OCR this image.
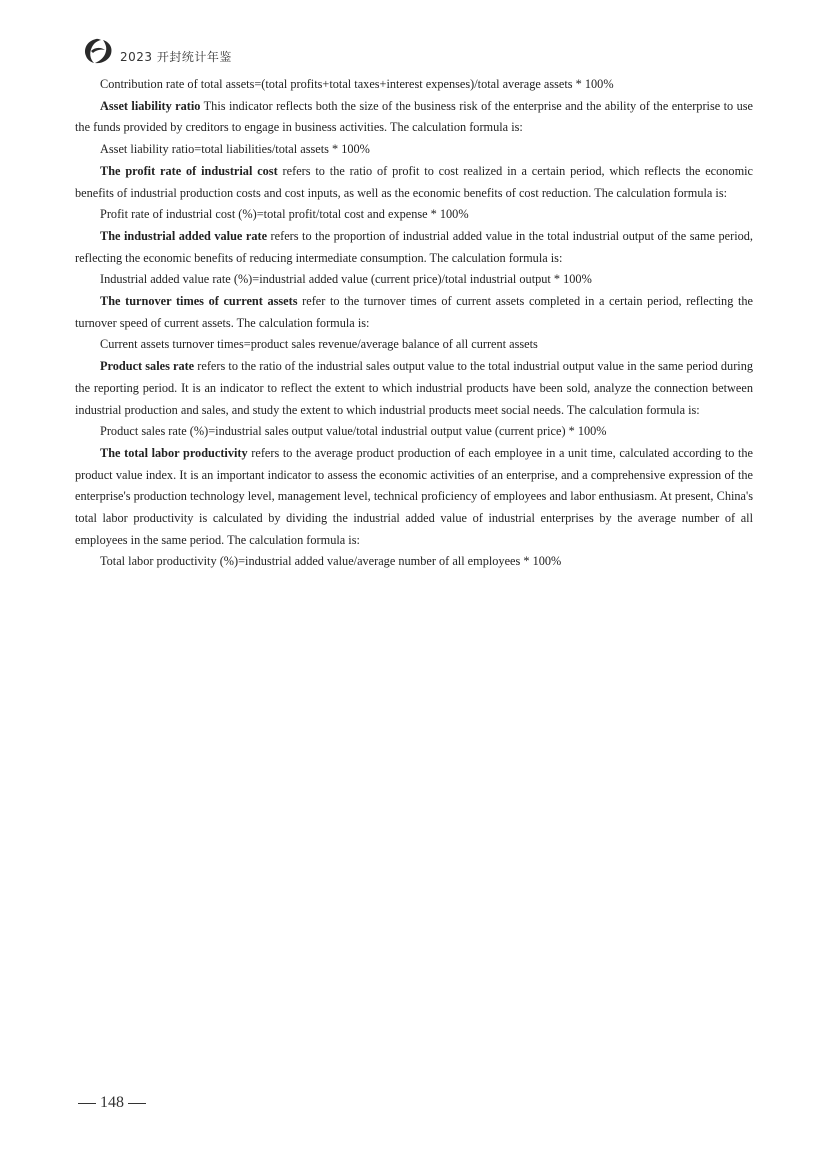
2023 开封统计年鉴

Contribution rate of total assets=(total profits+total taxes+interest expenses)/total average assets * 100%

Asset liability ratio This indicator reflects both the size of the business risk of the enterprise and the ability of the enterprise to use the funds provided by creditors to engage in business activities. The calculation formula is:

Asset liability ratio=total liabilities/total assets * 100%

The profit rate of industrial cost refers to the ratio of profit to cost realized in a certain period, which reflects the economic benefits of industrial production costs and cost inputs, as well as the economic benefits of cost reduction. The calculation formula is:

Profit rate of industrial cost (%)=total profit/total cost and expense * 100%

The industrial added value rate refers to the proportion of industrial added value in the total industrial output of the same period, reflecting the economic benefits of reducing intermediate consumption. The calculation formula is:

Industrial added value rate (%)=industrial added value (current price)/total industrial output * 100%

The turnover times of current assets refer to the turnover times of current assets completed in a certain period, reflecting the turnover speed of current assets. The calculation formula is:

Current assets turnover times=product sales revenue/average balance of all current assets

Product sales rate refers to the ratio of the industrial sales output value to the total industrial output value in the same period during the reporting period. It is an indicator to reflect the extent to which industrial products have been sold, analyze the connection between industrial production and sales, and study the extent to which industrial products meet social needs. The calculation formula is:

Product sales rate (%)=industrial sales output value/total industrial output value (current price) * 100%

The total labor productivity refers to the average product production of each employee in a unit time, calculated according to the product value index. It is an important indicator to assess the economic activities of an enterprise, and a comprehensive expression of the enterprise's production technology level, management level, technical proficiency of employees and labor enthusiasm. At present, China's total labor productivity is calculated by dividing the industrial added value of industrial enterprises by the average number of all employees in the same period. The calculation formula is:

Total labor productivity (%)=industrial added value/average number of all employees * 100%

148
